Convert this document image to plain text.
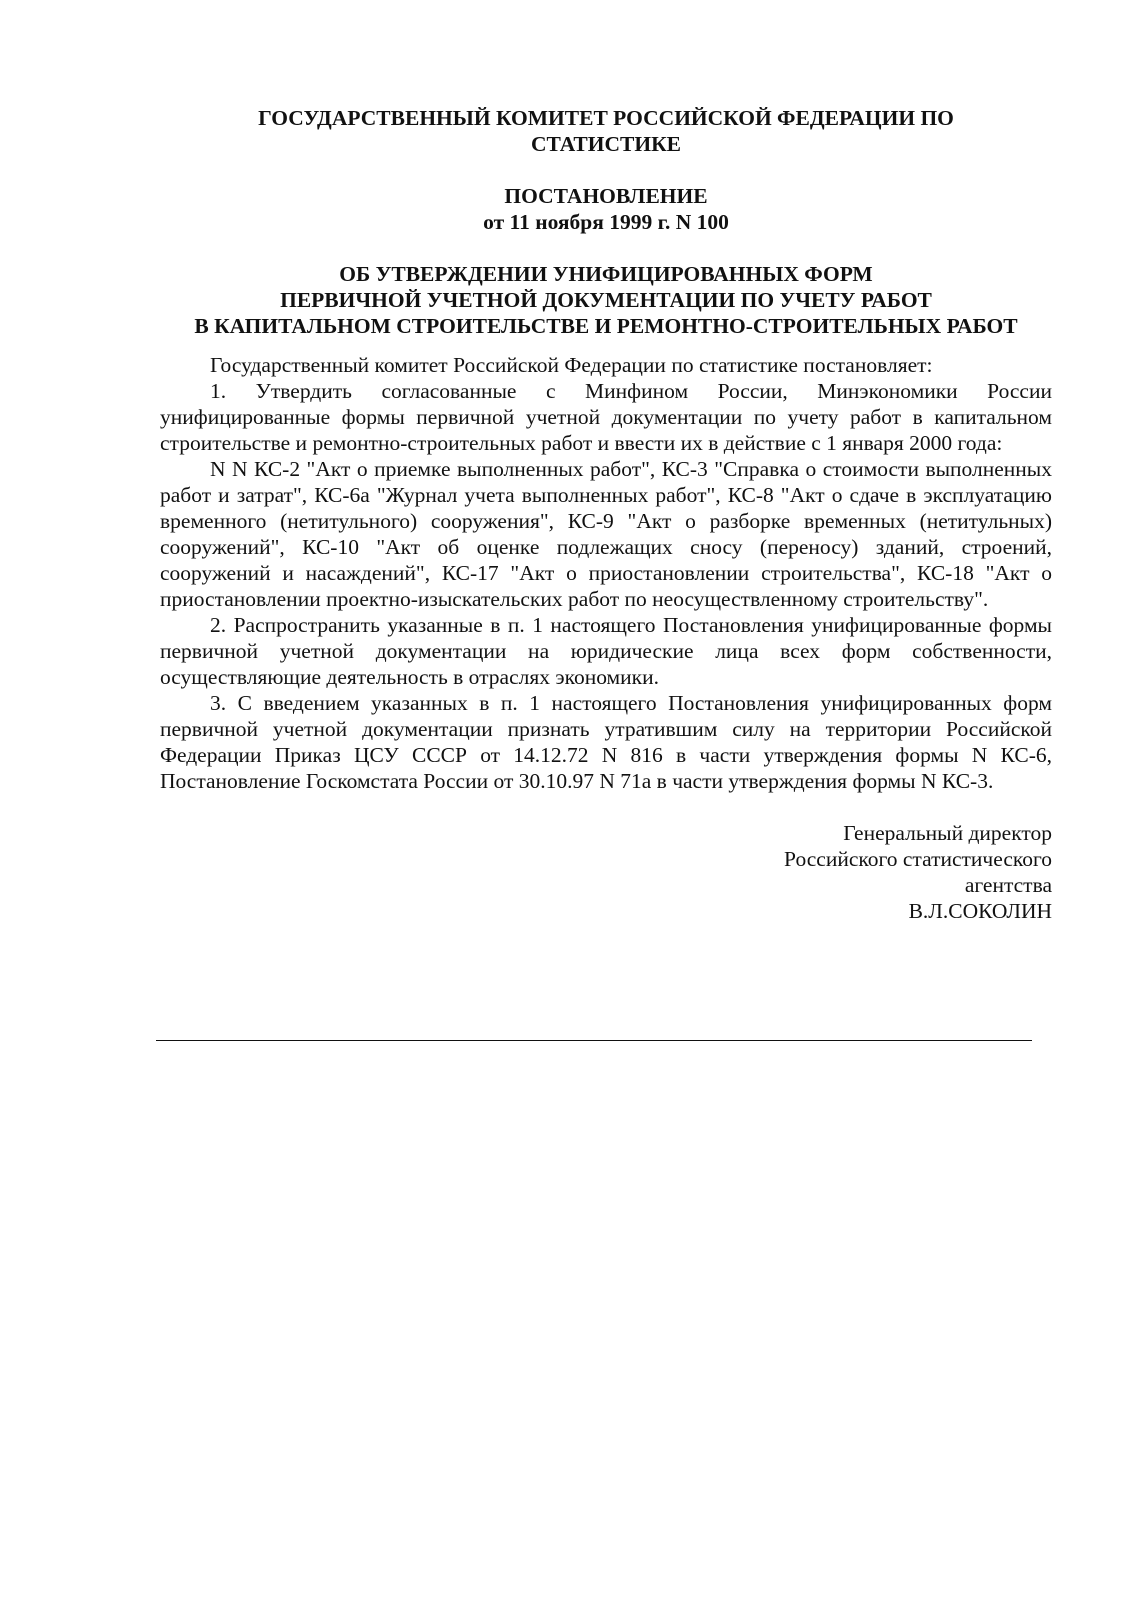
ГОСУДАРСТВЕННЫЙ КОМИТЕТ РОССИЙСКОЙ ФЕДЕРАЦИИ ПО

СТАТИСТИКЕ

ПОСТАНОВЛЕНИЕ

от 11 ноября 1999 г. N 100

ОБ УТВЕРЖДЕНИИ УНИФИЦИРОВАННЫХ ФОРМ

ПЕРВИЧНОЙ УЧЕТНОЙ ДОКУМЕНТАЦИИ ПО УЧЕТУ РАБОТ

В КАПИТАЛЬНОМ СТРОИТЕЛЬСТВЕ И РЕМОНТНО-СТРОИТЕЛЬНЫХ РАБОТ

Государственный комитет Российской Федерации по статистике постановляет:

1. Утвердить согласованные с Минфином России, Минэкономики России унифицированные формы первичной учетной документации по учету работ в капитальном строительстве и ремонтно-строительных работ и ввести их в действие с 1 января 2000 года:

N N КС-2 "Акт о приемке выполненных работ", КС-3 "Справка о стоимости выполненных работ и затрат", КС-6а "Журнал учета выполненных работ", КС-8 "Акт о сдаче в эксплуатацию временного (нетитульного) сооружения", КС-9 "Акт о разборке временных (нетитульных) сооружений", КС-10 "Акт об оценке подлежащих сносу (переносу) зданий, строений, сооружений и насаждений", КС-17 "Акт о приостановлении строительства", КС-18 "Акт о приостановлении проектно-изыскательских работ по неосуществленному строительству".

2. Распространить указанные в п. 1 настоящего Постановления унифицированные формы первичной учетной документации на юридические лица всех форм собственности, осуществляющие деятельность в отраслях экономики.

3. С введением указанных в п. 1 настоящего Постановления унифицированных форм первичной учетной документации признать утратившим силу на территории Российской Федерации Приказ ЦСУ СССР от 14.12.72 N 816 в части утверждения формы N КС-6, Постановление Госкомстата России от 30.10.97 N 71а в части утверждения формы N КС-3.

Генеральный директор

Российского статистического

агентства

В.Л.СОКОЛИН
